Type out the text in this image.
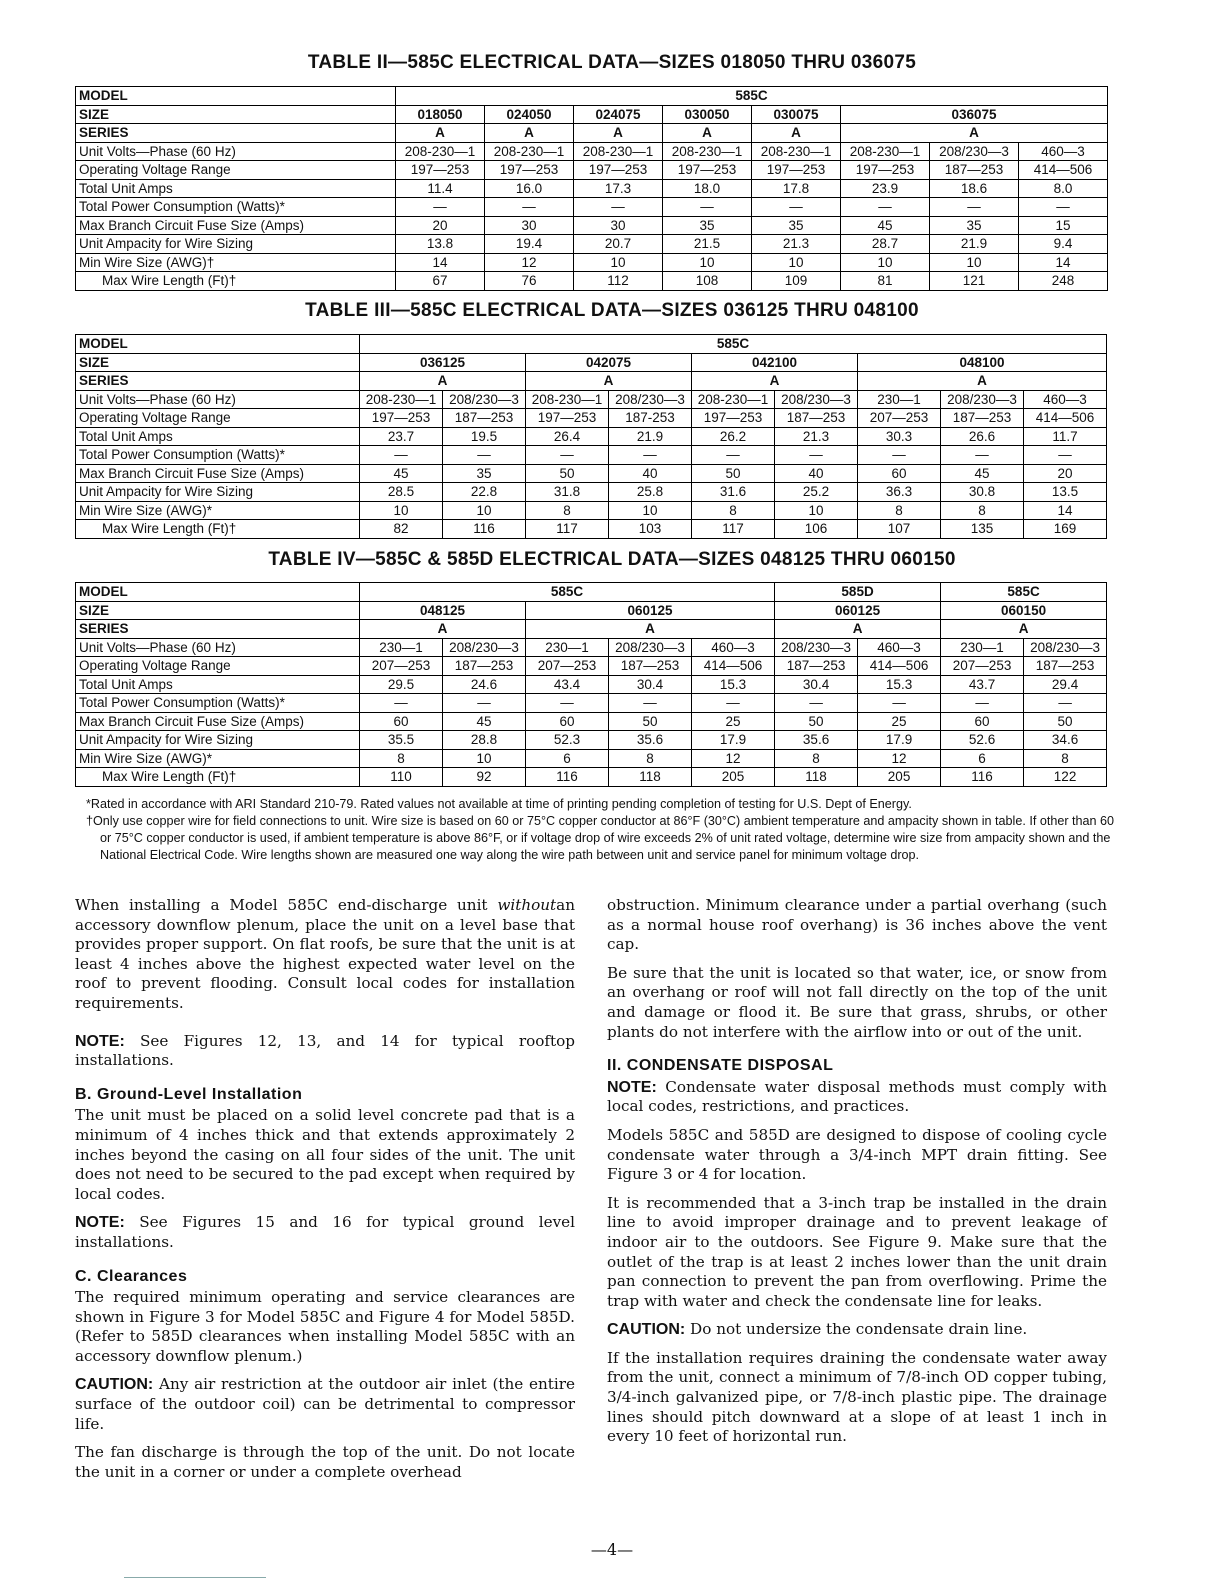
TABLE II—585C ELECTRICAL DATA—SIZES 018050 THRU 036075
MODEL	585C							
SIZE	018050	024050	024075	030050	030075	036075		
SERIES	A	A	A	A	A	A		
Unit Volts—Phase (60 Hz)	208-230—1	208-230—1	208-230—1	208-230—1	208-230—1	208-230—1	208/230—3	460—3
Operating Voltage Range	197—253	197—253	197—253	197—253	197—253	197—253	187—253	414—506
Total Unit Amps	11.4	16.0	17.3	18.0	17.8	23.9	18.6	8.0
Total Power Consumption (Watts)*	—	—	—	—	—	—	—	—
Max Branch Circuit Fuse Size (Amps)	20	30	30	35	35	45	35	15
Unit Ampacity for Wire Sizing	13.8	19.4	20.7	21.5	21.3	28.7	21.9	9.4
Min Wire Size (AWG)†	14	12	10	10	10	10	10	14
Max Wire Length (Ft)†	67	76	112	108	109	81	121	248
TABLE III—585C ELECTRICAL DATA—SIZES 036125 THRU 048100
MODEL	585C								
SIZE	036125		042075		042100		048100		
SERIES	A		A		A		A		
Unit Volts—Phase (60 Hz)	208-230—1	208/230—3	208-230—1	208/230—3	208-230—1	208/230—3	230—1	208/230—3	460—3
Operating Voltage Range	197—253	187—253	197—253	187-253	197—253	187—253	207—253	187—253	414—506
Total Unit Amps	23.7	19.5	26.4	21.9	26.2	21.3	30.3	26.6	11.7
Total Power Consumption (Watts)*	—	—	—	—	—	—	—	—	—
Max Branch Circuit Fuse Size (Amps)	45	35	50	40	50	40	60	45	20
Unit Ampacity for Wire Sizing	28.5	22.8	31.8	25.8	31.6	25.2	36.3	30.8	13.5
Min Wire Size (AWG)*	10	10	8	10	8	10	8	8	14
Max Wire Length (Ft)†	82	116	117	103	117	106	107	135	169
TABLE IV—585C & 585D ELECTRICAL DATA—SIZES 048125 THRU 060150
MODEL	585C					585D		585C	
SIZE	048125		060125			060125		060150	
SERIES	A		A			A		A	
Unit Volts—Phase (60 Hz)	230—1	208/230—3	230—1	208/230—3	460—3	208/230—3	460—3	230—1	208/230—3
Operating Voltage Range	207—253	187—253	207—253	187—253	414—506	187—253	414—506	207—253	187—253
Total Unit Amps	29.5	24.6	43.4	30.4	15.3	30.4	15.3	43.7	29.4
Total Power Consumption (Watts)*	—	—	—	—	—	—	—	—	—
Max Branch Circuit Fuse Size (Amps)	60	45	60	50	25	50	25	60	50
Unit Ampacity for Wire Sizing	35.5	28.8	52.3	35.6	17.9	35.6	17.9	52.6	34.6
Min Wire Size (AWG)*	8	10	6	8	12	8	12	6	8
Max Wire Length (Ft)†	110	92	116	118	205	118	205	116	122

*Rated in accordance with ARI Standard 210-79. Rated values not available at time of printing pending completion of testing for U.S. Dept of Energy.

†Only use copper wire for field connections to unit. Wire size is based on 60 or 75°C copper conductor at 86°F (30°C) ambient temperature and ampacity shown in table. If other than 60 or 75°C copper conductor is used, if ambient temperature is above 86°F, or if voltage drop of wire exceeds 2% of unit rated voltage, determine wire size from ampacity shown and the National Electrical Code. Wire lengths shown are measured one way along the wire path between unit and service panel for minimum voltage drop.

When installing a Model 585C end-discharge unit withoutan accessory downflow plenum, place the unit on a level base that provides proper support. On flat roofs, be sure that the unit is at least 4 inches above the highest expected water level on the roof to prevent flooding. Consult local codes for installation requirements.

NOTE: See Figures 12, 13, and 14 for typical rooftop installations.

B. Ground-Level Installation

The unit must be placed on a solid level concrete pad that is a minimum of 4 inches thick and that extends approximately 2 inches beyond the casing on all four sides of the unit. The unit does not need to be secured to the pad except when required by local codes.

NOTE: See Figures 15 and 16 for typical ground level installations.

C. Clearances

The required minimum operating and service clearances are shown in Figure 3 for Model 585C and Figure 4 for Model 585D. (Refer to 585D clearances when installing Model 585C with an accessory downflow plenum.)

CAUTION: Any air restriction at the outdoor air inlet (the entire surface of the outdoor coil) can be detrimental to compressor life.

The fan discharge is through the top of the unit. Do not locate the unit in a corner or under a complete overhead

obstruction. Minimum clearance under a partial overhang (such as a normal house roof overhang) is 36 inches above the vent cap.

Be sure that the unit is located so that water, ice, or snow from an overhang or roof will not fall directly on the top of the unit and damage or flood it. Be sure that grass, shrubs, or other plants do not interfere with the airflow into or out of the unit.

II. CONDENSATE DISPOSAL

NOTE: Condensate water disposal methods must comply with local codes, restrictions, and practices.

Models 585C and 585D are designed to dispose of cooling cycle condensate water through a 3/4-inch MPT drain fitting. See Figure 3 or 4 for location.

It is recommended that a 3-inch trap be installed in the drain line to avoid improper drainage and to prevent leakage of indoor air to the outdoors. See Figure 9. Make sure that the outlet of the trap is at least 2 inches lower than the unit drain pan connection to prevent the pan from overflowing. Prime the trap with water and check the condensate line for leaks.

CAUTION: Do not undersize the condensate drain line.

If the installation requires draining the condensate water away from the unit, connect a minimum of 7/8-inch OD copper tubing, 3/4-inch galvanized pipe, or 7/8-inch plastic pipe. The drainage lines should pitch downward at a slope of at least 1 inch in every 10 feet of horizontal run.

—4—
